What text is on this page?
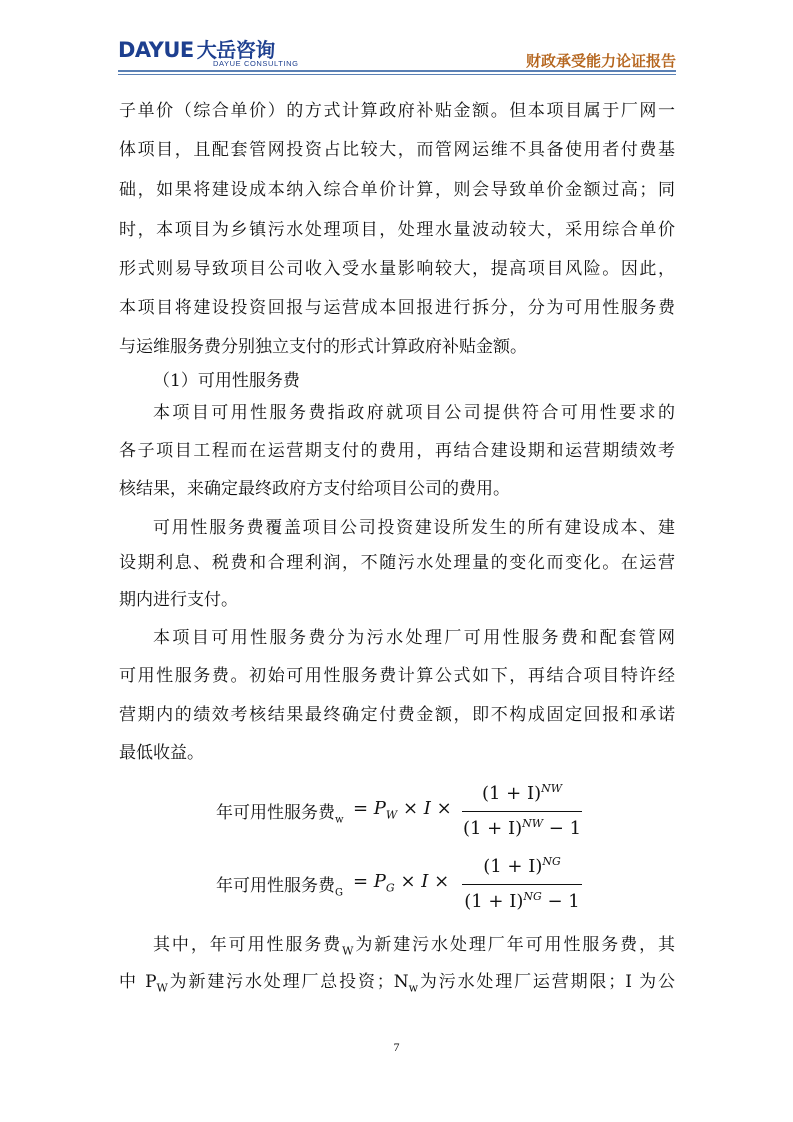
DAYUE 大岳咨询
DAYUE CONSULTING	财政承受能力论证报告
子单价（综合单价）的方式计算政府补贴金额。但本项目属于厂网一
体项目，且配套管网投资占比较大，而管网运维不具备使用者付费基
础，如果将建设成本纳入综合单价计算，则会导致单价金额过高；同
时，本项目为乡镇污水处理项目，处理水量波动较大，采用综合单价
形式则易导致项目公司收入受水量影响较大，提高项目风险。因此，
本项目将建设投资回报与运营成本回报进行拆分，分为可用性服务费
与运维服务费分别独立支付的形式计算政府补贴金额。
（1）可用性服务费
本项目可用性服务费指政府就项目公司提供符合可用性要求的
各子项目工程而在运营期支付的费用，再结合建设期和运营期绩效考
核结果，来确定最终政府方支付给项目公司的费用。
可用性服务费覆盖项目公司投资建设所发生的所有建设成本、建
设期利息、税费和合理利润，不随污水处理量的变化而变化。在运营
期内进行支付。
本项目可用性服务费分为污水处理厂可用性服务费和配套管网
可用性服务费。初始可用性服务费计算公式如下，再结合项目特许经
营期内的绩效考核结果最终确定付费金额，即不构成固定回报和承诺
最低收益。
年可用性服务费$_w$
= $P_W \times I$ ×
$(1 + I)^{NW}$
$(1 + I)^{NW} - 1$
年可用性服务费$_G$
= $P_G \times I$ ×
$(1 + I)^{NG}$
$(1 + I)^{NG} - 1$
其中，年可用性服务费$_W$为新建污水处理厂年可用性服务费，其
中 $P_W$为新建污水处理厂总投资；$N_w$为污水处理厂运营期限；I 为公
7
